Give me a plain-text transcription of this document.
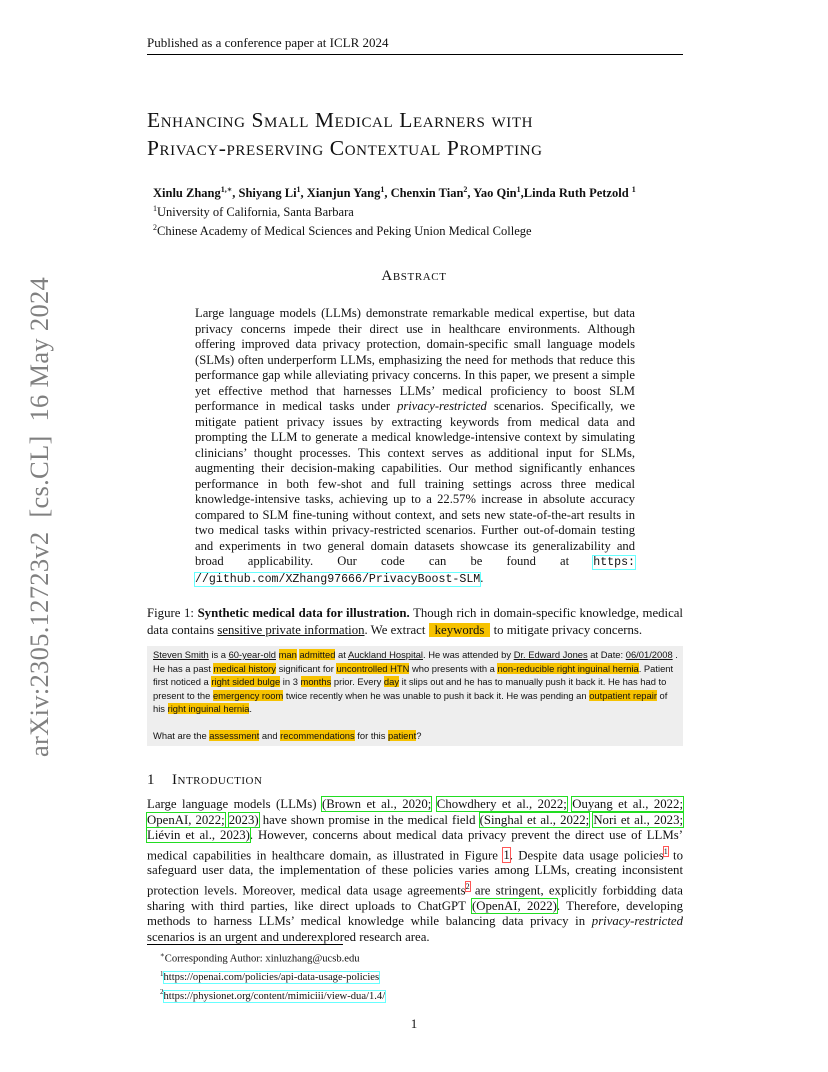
Published as a conference paper at ICLR 2024
Enhancing Small Medical Learners with
Privacy-preserving Contextual Prompting
Xinlu Zhang$^{1,∗}$, Shiyang Li$^1$, Xianjun Yang$^1$, Chenxin Tian$^2$, Yao Qin$^1$,Linda Ruth Petzold $^1$
$^1$University of California, Santa Barbara
$^2$Chinese Academy of Medical Sciences and Peking Union Medical College
arXiv:2305.12723v2  [cs.CL]  16 May 2024
Abstract
Large language models (LLMs) demonstrate remarkable medical expertise, but data privacy concerns impede their direct use in healthcare environments. Although offering improved data privacy protection, domain-specific small language models (SLMs) often underperform LLMs, emphasizing the need for methods that reduce this performance gap while alleviating privacy concerns. In this paper, we present a simple yet effective method that harnesses LLMs’ medical proficiency to boost SLM performance in medical tasks under privacy-restricted scenarios. Specifically, we mitigate patient privacy issues by extracting keywords from medical data and prompting the LLM to generate a medical knowledge-intensive context by simulating clinicians’ thought processes. This context serves as additional input for SLMs, augmenting their decision-making capabilities. Our method significantly enhances performance in both few-shot and full training settings across three medical knowledge-intensive tasks, achieving up to a 22.57% increase in absolute accuracy compared to SLM fine-tuning without context, and sets new state-of-the-art results in two medical tasks within privacy-restricted scenarios. Further out-of-domain testing and experiments in two general domain datasets showcase its generalizability and broad applicability. Our code can be found at https: //github.com/XZhang97666/PrivacyBoost-SLM.
Figure 1: Synthetic medical data for illustration. Though rich in domain-specific knowledge, medical data contains sensitive private information. We extract keywords to mitigate privacy concerns.
Steven Smith is a 60-year-old man admitted at Auckland Hospital. He was attended by Dr. Edward Jones at Date: 06/01/2008 . He has a past medical history significant for uncontrolled HTN who presents with a non-reducible right inguinal hernia. Patient first noticed a right sided bulge in 3 months prior. Every day it slips out and he has to manually push it back it. He has had to present to the emergency room twice recently when he was unable to push it back it. He was pending an outpatient repair of his right inguinal hernia.
What are the assessment and recommendations for this patient?
1 Introduction
Large language models (LLMs) (Brown et al., 2020; Chowdhery et al., 2022; Ouyang et al., 2022; OpenAI, 2022; 2023) have shown promise in the medical field (Singhal et al., 2022; Nori et al., 2023; Liévin et al., 2023). However, concerns about medical data privacy prevent the direct use of LLMs’ medical capabilities in healthcare domain, as illustrated in Figure 1. Despite data usage policies$^1$ to safeguard user data, the implementation of these policies varies among LLMs, creating inconsistent protection levels. Moreover, medical data usage agreements$^2$ are stringent, explicitly forbidding data sharing with third parties, like direct uploads to ChatGPT (OpenAI, 2022). Therefore, developing methods to harness LLMs’ medical knowledge while balancing data privacy in privacy-restricted scenarios is an urgent and underexplored research area.
∗Corresponding Author: xinluzhang@ucsb.edu
$^1$https://openai.com/policies/api-data-usage-policies
$^2$https://physionet.org/content/mimiciii/view-dua/1.4/
1
